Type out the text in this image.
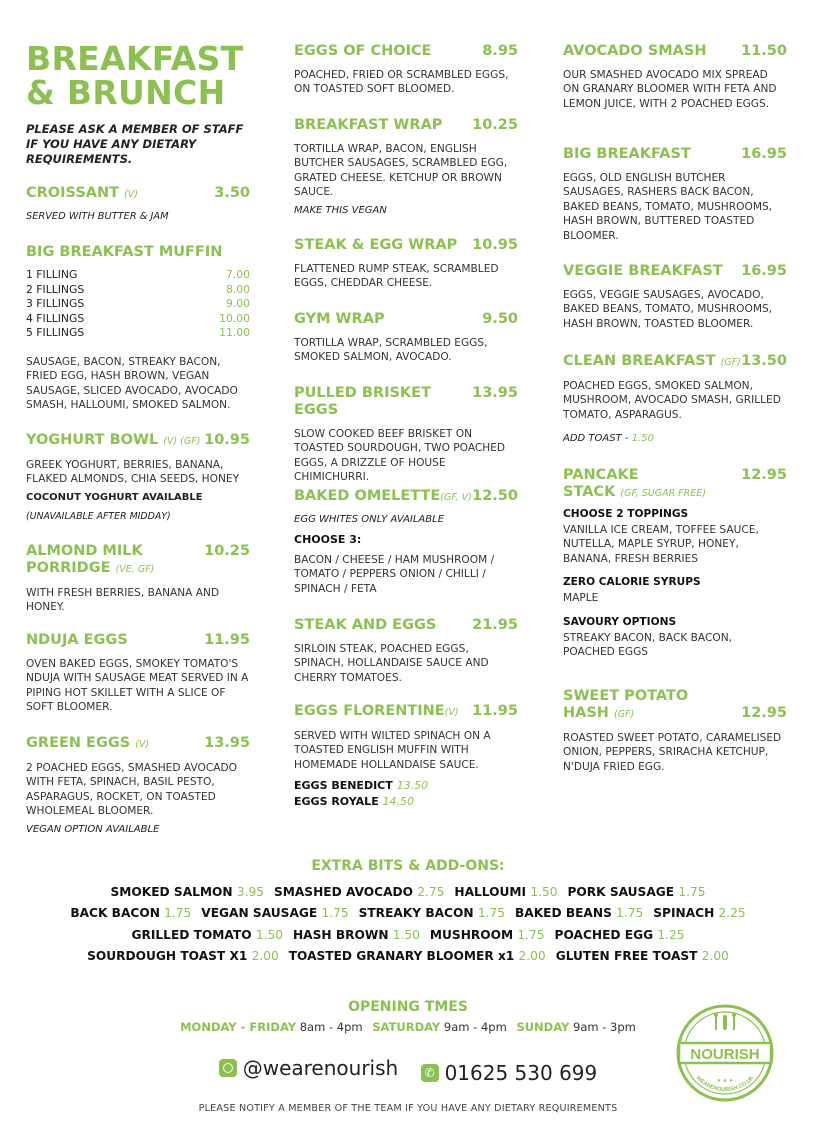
BREAKFAST
& BRUNCH
PLEASE ASK A MEMBER OF STAFF IF YOU HAVE ANY DIETARY REQUIREMENTS.
CROISSANT (V)	3.50
SERVED WITH BUTTER & JAM
BIG BREAKFAST MUFFIN
1 FILLING	7.00
2 FILLINGS	8.00
3 FILLINGS	9.00
4 FILLINGS	10.00
5 FILLINGS	11.00
SAUSAGE, BACON, STREAKY BACON, FRIED EGG, HASH BROWN, VEGAN SAUSAGE, SLICED AVOCADO, AVOCADO SMASH, HALLOUMI, SMOKED SALMON.
YOGHURT BOWL (V) (GF) 10.95
GREEK YOGHURT, BERRIES, BANANA, FLAKED ALMONDS, CHIA SEEDS, HONEY
COCONUT YOGHURT AVAILABLE
(UNAVAILABLE AFTER MIDDAY)
ALMOND MILK
PORRIDGE (VE, GF)
10.25
WITH FRESH BERRIES, BANANA AND HONEY.
NDUJA EGGS	11.95
OVEN BAKED EGGS, SMOKEY TOMATO'S NDUJA WITH SAUSAGE MEAT SERVED IN A PIPING HOT SKILLET WITH A SLICE OF SOFT BLOOMER.
GREEN EGGS (V)	13.95
2 POACHED EGGS, SMASHED AVOCADO WITH FETA, SPINACH, BASIL PESTO, ASPARAGUS, ROCKET, ON TOASTED WHOLEMEAL BLOOMER.
VEGAN OPTION AVAILABLE
EGGS OF CHOICE	8.95
POACHED, FRIED OR SCRAMBLED EGGS, ON TOASTED SOFT BLOOMED.
BREAKFAST WRAP 10.25
TORTILLA WRAP, BACON, ENGLISH BUTCHER SAUSAGES, SCRAMBLED EGG, GRATED CHEESE. KETCHUP OR BROWN SAUCE.
MAKE THIS VEGAN
STEAK & EGG WRAP 10.95
FLATTENED RUMP STEAK, SCRAMBLED EGGS, CHEDDAR CHEESE.
GYM WRAP	9.50
TORTILLA WRAP, SCRAMBLED EGGS, SMOKED SALMON, AVOCADO.
PULLED BRISKET EGGS
13.95
SLOW COOKED BEEF BRISKET ON TOASTED SOURDOUGH, TWO POACHED EGGS, A DRIZZLE OF HOUSE CHIMICHURRI.
BAKED OMELETTE(GF, V) 12.50
EGG WHITES ONLY AVAILABLE
CHOOSE 3:
BACON / CHEESE / HAM MUSHROOM / TOMATO / PEPPERS ONION / CHILLI / SPINACH / FETA
STEAK AND EGGS 21.95
SIRLOIN STEAK, POACHED EGGS, SPINACH, HOLLANDAISE SAUCE AND CHERRY TOMATOES.
EGGS FLORENTINE(V) 11.95
SERVED WITH WILTED SPINACH ON A TOASTED ENGLISH MUFFIN WITH HOMEMADE HOLLANDAISE SAUCE.
EGGS BENEDICT 13.50
EGGS ROYALE 14.50
AVOCADO SMASH 11.50
OUR SMASHED AVOCADO MIX SPREAD ON GRANARY BLOOMER WITH FETA AND LEMON JUICE, WITH 2 POACHED EGGS.
BIG BREAKFAST	16.95
EGGS, OLD ENGLISH BUTCHER SAUSAGES, RASHERS BACK BACON, BAKED BEANS, TOMATO, MUSHROOMS, HASH BROWN, BUTTERED TOASTED BLOOMER.
VEGGIE BREAKFAST 16.95
EGGS, VEGGIE SAUSAGES, AVOCADO, BAKED BEANS, TOMATO, MUSHROOMS, HASH BROWN, TOASTED BLOOMER.
CLEAN BREAKFAST (GF) 13.50
POACHED EGGS, SMOKED SALMON, MUSHROOM, AVOCADO SMASH, GRILLED TOMATO, ASPARAGUS.
ADD TOAST - 1.50
PANCAKE
STACK (GF, SUGAR FREE)
12.95
CHOOSE 2 TOPPINGS
VANILLA ICE CREAM, TOFFEE SAUCE, NUTELLA, MAPLE SYRUP, HONEY, BANANA, FRESH BERRIES
ZERO CALORIE SYRUPS
MAPLE
SAVOURY OPTIONS
STREAKY BACON, BACK BACON, POACHED EGGS
SWEET POTATO
HASH (GF)	12.95
ROASTED SWEET POTATO, CARAMELISED ONION, PEPPERS, SRIRACHA KETCHUP, N'DUJA FRIED EGG.
EXTRA BITS & ADD-ONS:
SMOKED SALMON 3.95 SMASHED AVOCADO 2.75 HALLOUMI 1.50 PORK SAUSAGE 1.75
BACK BACON 1.75 VEGAN SAUSAGE 1.75 STREAKY BACON 1.75 BAKED BEANS 1.75 SPINACH 2.25
GRILLED TOMATO 1.50 HASH BROWN 1.50 MUSHROOM 1.75 POACHED EGG 1.25
SOURDOUGH TOAST X1 2.00 TOASTED GRANARY BLOOMER x1 2.00 GLUTEN FREE TOAST 2.00
OPENING TMES
MONDAY - FRIDAY 8am - 4pm SATURDAY 9am - 4pm SUNDAY 9am - 3pm
@wearenourish
	✆ 01625 530 699
PLEASE NOTIFY A MEMBER OF THE TEAM IF YOU HAVE ANY DIETARY REQUIREMENTS
NOURISH
WEARENOURISH.CO.UK
★ ★ ★
